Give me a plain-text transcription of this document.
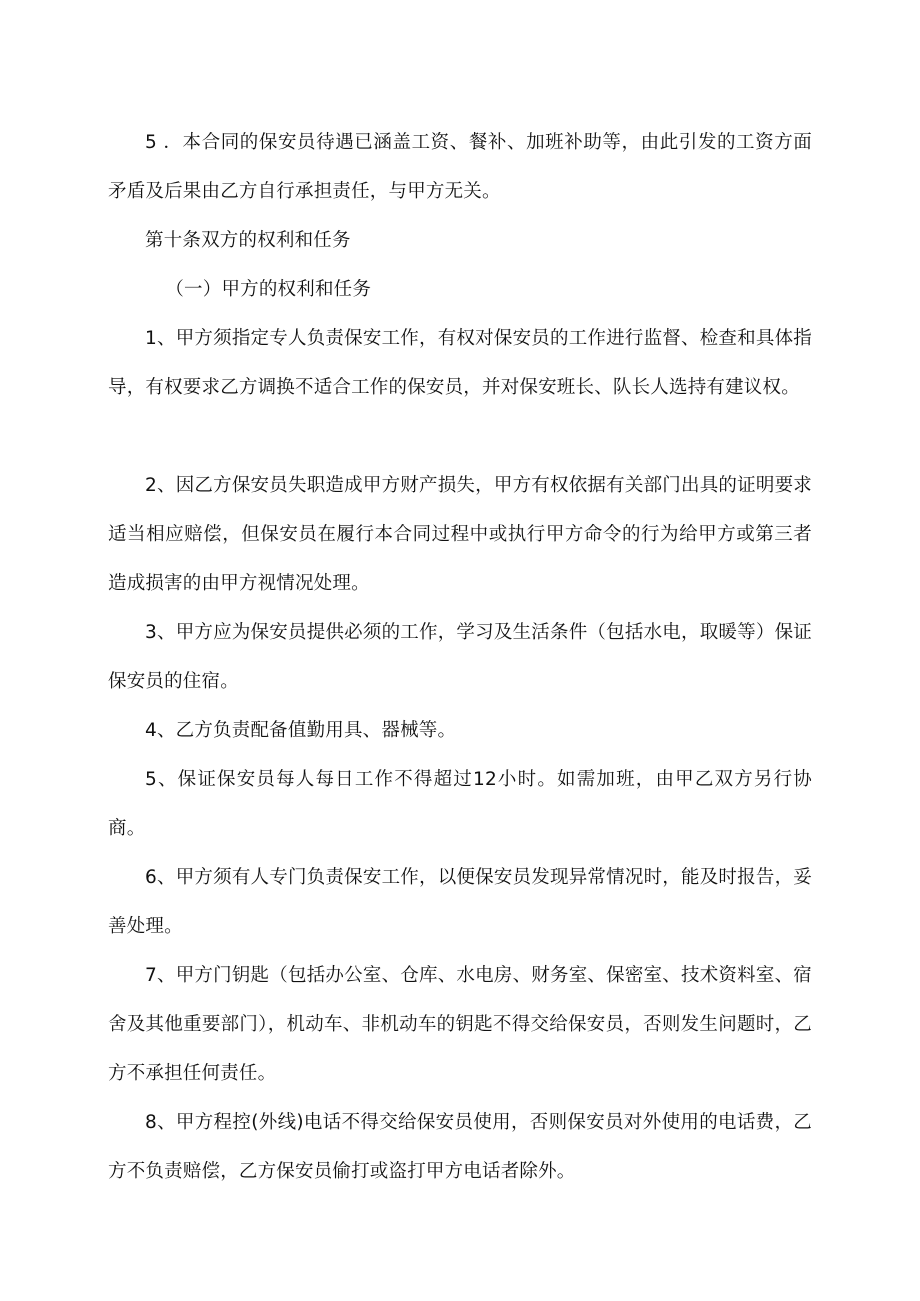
5 ．本合同的保安员待遇已涵盖工资、餐补、加班补助等，由此引发的工资方面矛盾及后果由乙方自行承担责任，与甲方无关。

第十条双方的权利和任务

（一）甲方的权利和任务

1、甲方须指定专人负责保安工作，有权对保安员的工作进行监督、检查和具体指导，有权要求乙方调换不适合工作的保安员，并对保安班长、队长人选持有建议权。

2、因乙方保安员失职造成甲方财产损失，甲方有权依据有关部门出具的证明要求适当相应赔偿，但保安员在履行本合同过程中或执行甲方命令的行为给甲方或第三者造成损害的由甲方视情况处理。

3、甲方应为保安员提供必须的工作，学习及生活条件（包括水电，取暖等）保证保安员的住宿。

4、乙方负责配备值勤用具、器械等。

5、保证保安员每人每日工作不得超过12小时。如需加班，由甲乙双方另行协商。

6、甲方须有人专门负责保安工作，以便保安员发现异常情况时，能及时报告，妥善处理。

7、甲方门钥匙（包括办公室、仓库、水电房、财务室、保密室、技术资料室、宿舍及其他重要部门），机动车、非机动车的钥匙不得交给保安员，否则发生问题时，乙方不承担任何责任。

8、甲方程控(外线)电话不得交给保安员使用，否则保安员对外使用的电话费，乙方不负责赔偿，乙方保安员偷打或盗打甲方电话者除外。
